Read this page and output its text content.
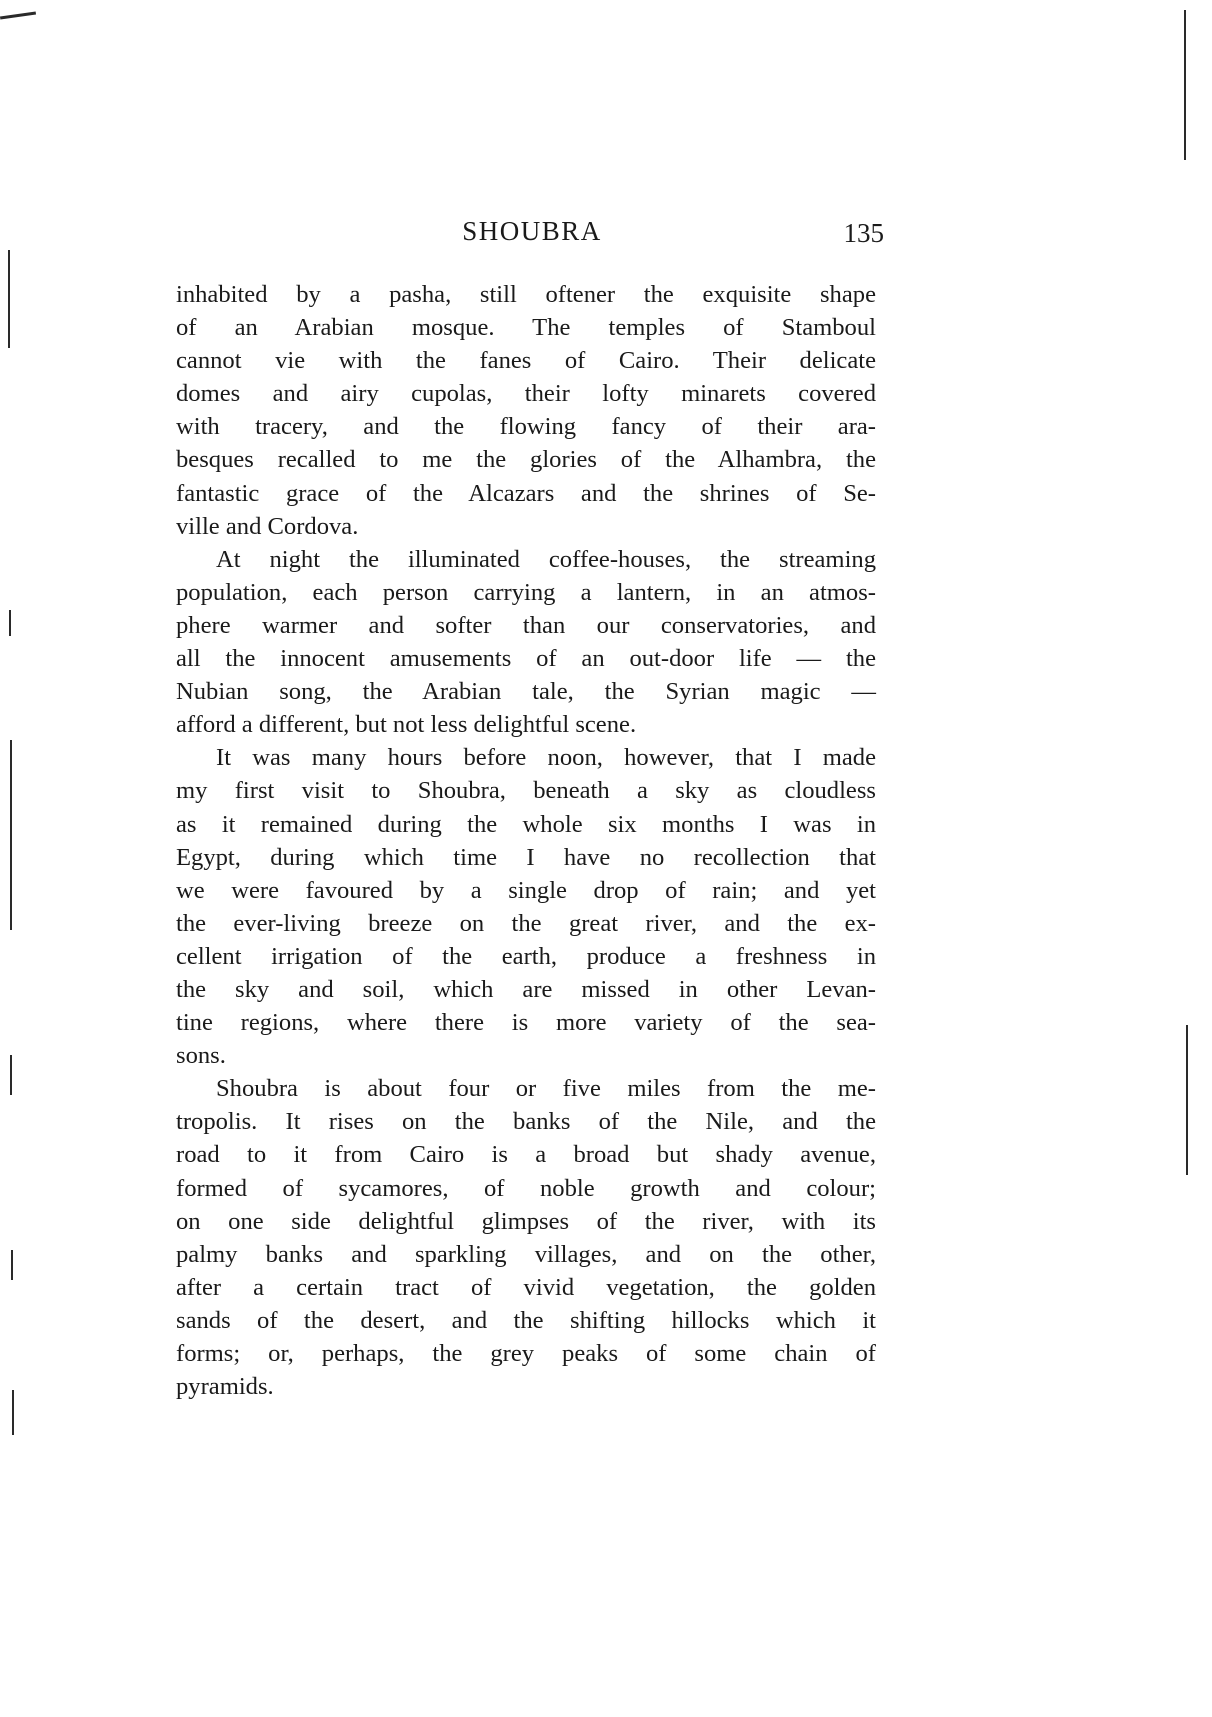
SHOUBRA	135
inhabited by a pasha, still oftener the exquisite shape
of an Arabian mosque. The temples of Stamboul
cannot vie with the fanes of Cairo. Their delicate
domes and airy cupolas, their lofty minarets covered
with tracery, and the flowing fancy of their ara-
besques recalled to me the glories of the Alhambra, the
fantastic grace of the Alcazars and the shrines of Se-
ville and Cordova.
At night the illuminated coffee-houses, the streaming
population, each person carrying a lantern, in an atmos-
phere warmer and softer than our conservatories, and
all the innocent amusements of an out-door life — the
Nubian song, the Arabian tale, the Syrian magic —
afford a different, but not less delightful scene.
It was many hours before noon, however, that I made
my first visit to Shoubra, beneath a sky as cloudless
as it remained during the whole six months I was in
Egypt, during which time I have no recollection that
we were favoured by a single drop of rain; and yet
the ever-living breeze on the great river, and the ex-
cellent irrigation of the earth, produce a freshness in
the sky and soil, which are missed in other Levan-
tine regions, where there is more variety of the sea-
sons.
Shoubra is about four or five miles from the me-
tropolis. It rises on the banks of the Nile, and the
road to it from Cairo is a broad but shady avenue,
formed of sycamores, of noble growth and colour;
on one side delightful glimpses of the river, with its
palmy banks and sparkling villages, and on the other,
after a certain tract of vivid vegetation, the golden
sands of the desert, and the shifting hillocks which it
forms; or, perhaps, the grey peaks of some chain of
pyramids.
